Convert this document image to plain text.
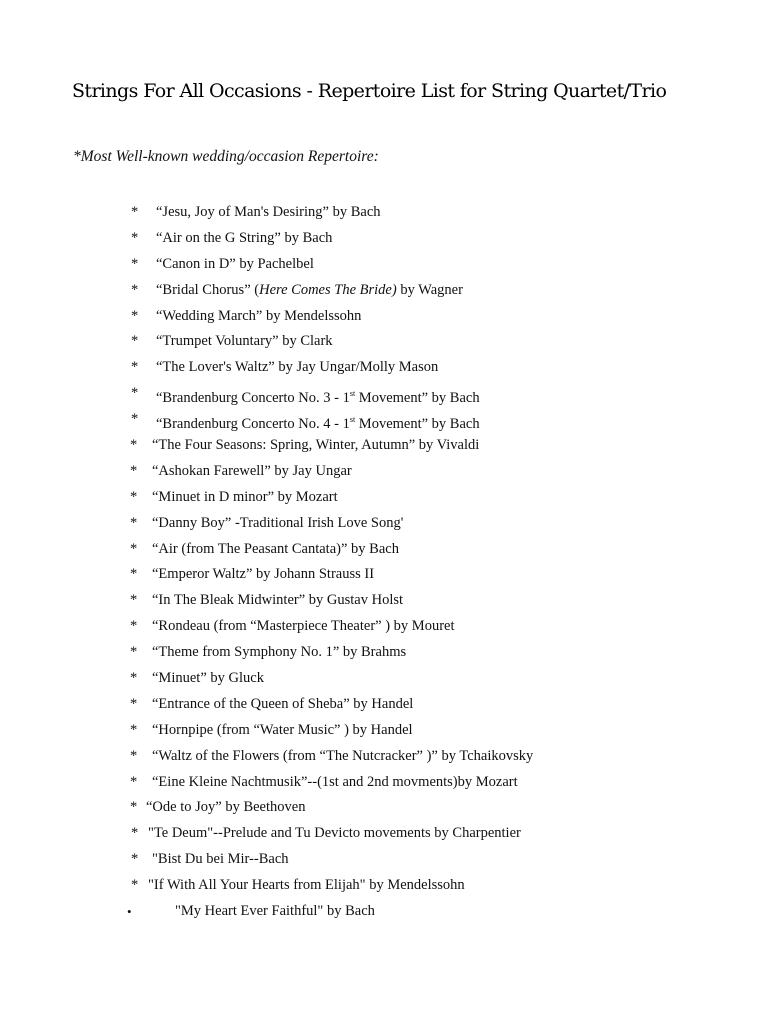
Strings For All Occasions - Repertoire List for String Quartet/Trio
*Most Well-known wedding/occasion Repertoire:
* “Jesu, Joy of Man's Desiring” by Bach
* “Air on the G String” by Bach
* “Canon in D” by Pachelbel
* “Bridal Chorus” (Here Comes The Bride) by Wagner
* “Wedding March” by Mendelssohn
* “Trumpet Voluntary” by Clark
* “The Lover's Waltz” by Jay Ungar/Molly Mason
* “Brandenburg Concerto No. 3 - 1st Movement” by Bach
* “Brandenburg Concerto No. 4 - 1st Movement” by Bach
* “The Four Seasons: Spring, Winter, Autumn” by Vivaldi
* “Ashokan Farewell” by Jay Ungar
* “Minuet in D minor” by Mozart
* “Danny Boy” -Traditional Irish Love Song'
* “Air (from The Peasant Cantata)” by Bach
* “Emperor Waltz” by Johann Strauss II
* “In The Bleak Midwinter” by Gustav Holst
* “Rondeau (from “Masterpiece Theater” ) by Mouret
* “Theme from Symphony No. 1” by Brahms
* “Minuet” by Gluck
* “Entrance of the Queen of Sheba” by Handel
* “Hornpipe (from “Water Music” ) by Handel
* “Waltz of the Flowers (from “The Nutcracker” )” by Tchaikovsky
* “Eine Kleine Nachtmusik”--(1st and 2nd movments)by Mozart
* “Ode to Joy” by Beethoven
* "Te Deum"--Prelude and Tu Devicto movements by Charpentier
* "Bist Du bei Mir--Bach
* "If With All Your Hearts from Elijah" by Mendelssohn
•	"My Heart Ever Faithful" by Bach
